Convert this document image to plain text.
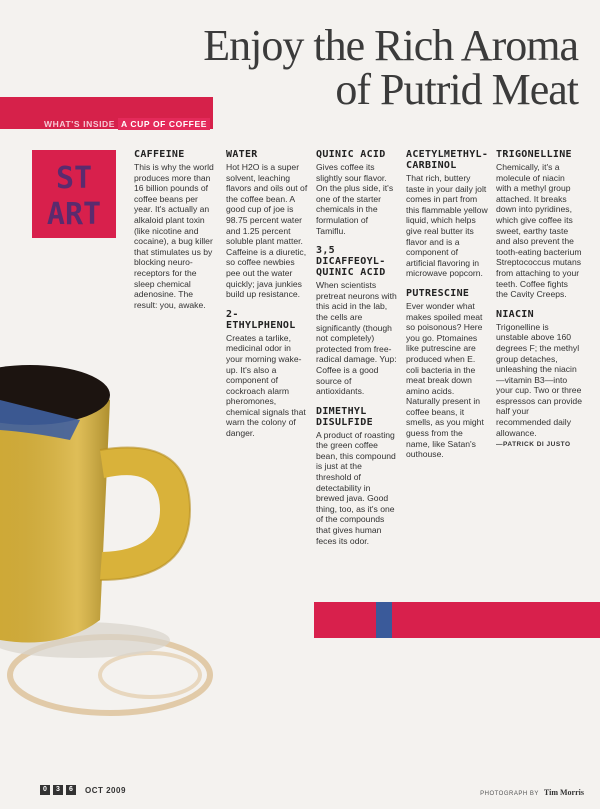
Enjoy the Rich Aroma
of Putrid Meat
WHAT'S INSIDE A CUP OF COFFEE
ST
ART
CAFFEINE

This is why the world produces more than 16 billion pounds of coffee beans per year. It's actually an alkaloid plant toxin (like nicotine and cocaine), a bug killer that stimulates us by blocking neuro-receptors for the sleep chemical adenosine. The result: you, awake.

WATER

Hot H2O is a super solvent, leaching flavors and oils out of the coffee bean. A good cup of joe is 98.75 percent water and 1.25 percent soluble plant matter. Caffeine is a diuretic, so coffee newbies pee out the water quickly; java junkies build up resistance.

2-ETHYLPHENOL

Creates a tarlike, medicinal odor in your morning wake-up. It's also a component of cockroach alarm pheromones, chemical signals that warn the colony of danger.

QUINIC ACID

Gives coffee its slightly sour flavor. On the plus side, it's one of the starter chemicals in the formulation of Tamiflu.

3,5 DICAFFEOYL-QUINIC ACID

When scientists pretreat neurons with this acid in the lab, the cells are significantly (though not completely) protected from free-radical damage. Yup: Coffee is a good source of antioxidants.

DIMETHYL DISULFIDE

A product of roasting the green coffee bean, this compound is just at the threshold of detectability in brewed java. Good thing, too, as it's one of the compounds that gives human feces its odor.

ACETYLMETHYL-CARBINOL

That rich, buttery taste in your daily jolt comes in part from this flammable yellow liquid, which helps give real butter its flavor and is a component of artificial flavoring in microwave popcorn.

PUTRESCINE

Ever wonder what makes spoiled meat so poisonous? Here you go. Ptomaines like putrescine are produced when E. coli bacteria in the meat break down amino acids. Naturally present in coffee beans, it smells, as you might guess from the name, like Satan's outhouse.

TRIGONELLINE

Chemically, it's a molecule of niacin with a methyl group attached. It breaks down into pyridines, which give coffee its sweet, earthy taste and also prevent the tooth-eating bacterium Streptococcus mutans from attaching to your teeth. Coffee fights the Cavity Creeps.

NIACIN

Trigonelline is unstable above 160 degrees F; the methyl group detaches, unleashing the niacin—vitamin B3—into your cup. Two or three espressos can provide half your recommended daily allowance.
—PATRICK DI JUSTO

0	3	6	OCT 2009	PHOTOGRAPH BY Tim Morris
